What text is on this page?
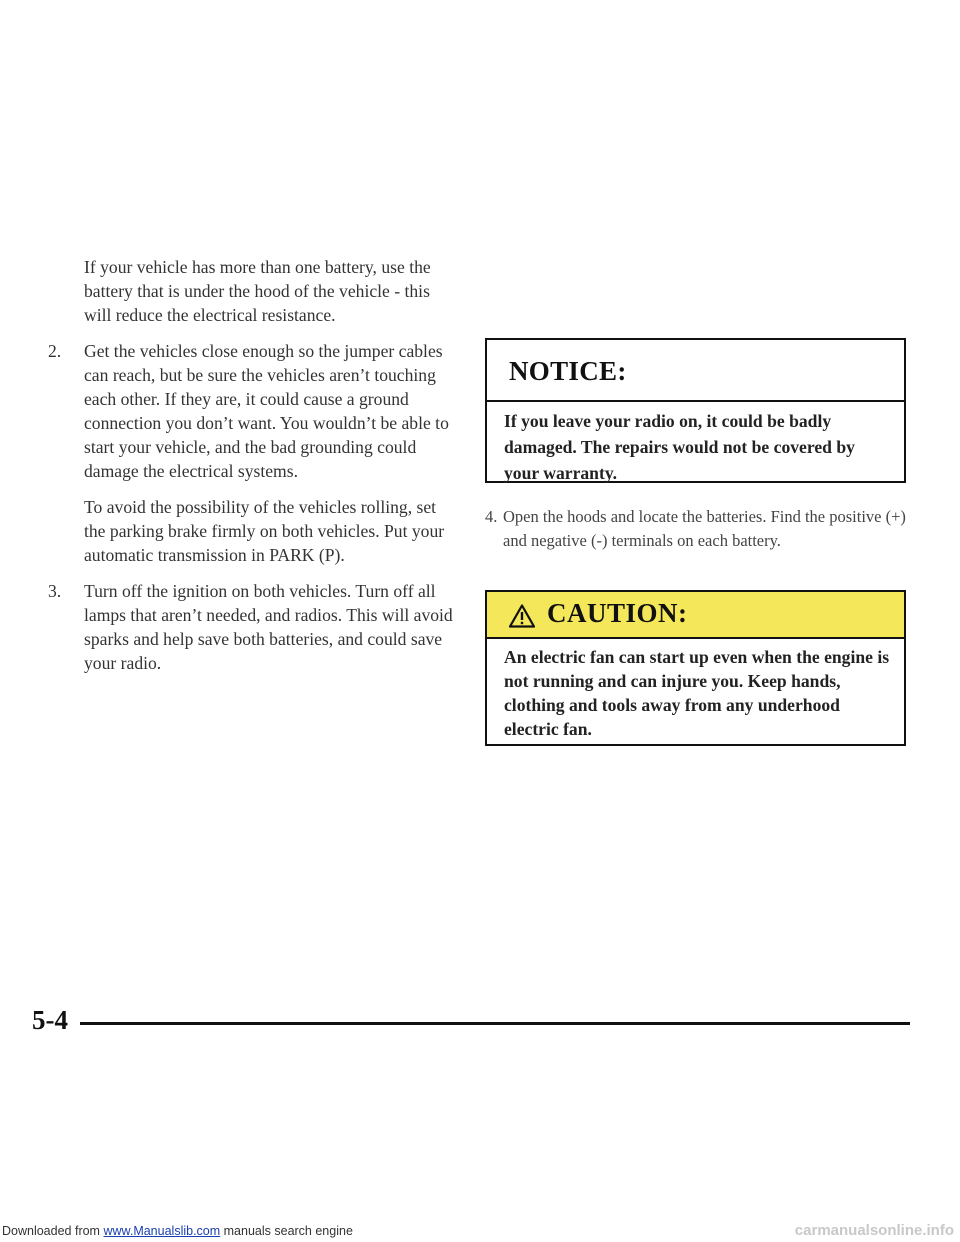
If your vehicle has more than one battery, use the battery that is under the hood of the vehicle - this will reduce the electrical resistance.

2.	Get the vehicles close enough so the jumper cables can reach, but be sure the vehicles aren’t touching each other. If they are, it could cause a ground connection you don’t want. You wouldn’t be able to start your vehicle, and the bad grounding could damage the electrical systems.

To avoid the possibility of the vehicles rolling, set the parking brake firmly on both vehicles. Put your automatic transmission in PARK (P).

3.	Turn off the ignition on both vehicles. Turn off all lamps that aren’t needed, and radios. This will avoid sparks and help save both batteries, and could save your radio.
NOTICE:
If you leave your radio on, it could be badly damaged. The repairs would not be covered by your warranty.
4. Open the hoods and locate the batteries. Find the positive (+) and negative (-) terminals on each battery.
CAUTION:
An electric fan can start up even when the engine is not running and can injure you. Keep hands, clothing and tools away from any underhood electric fan.
5-4
Downloaded from www.Manualslib.com manuals search engine	carmanualsonline.info
